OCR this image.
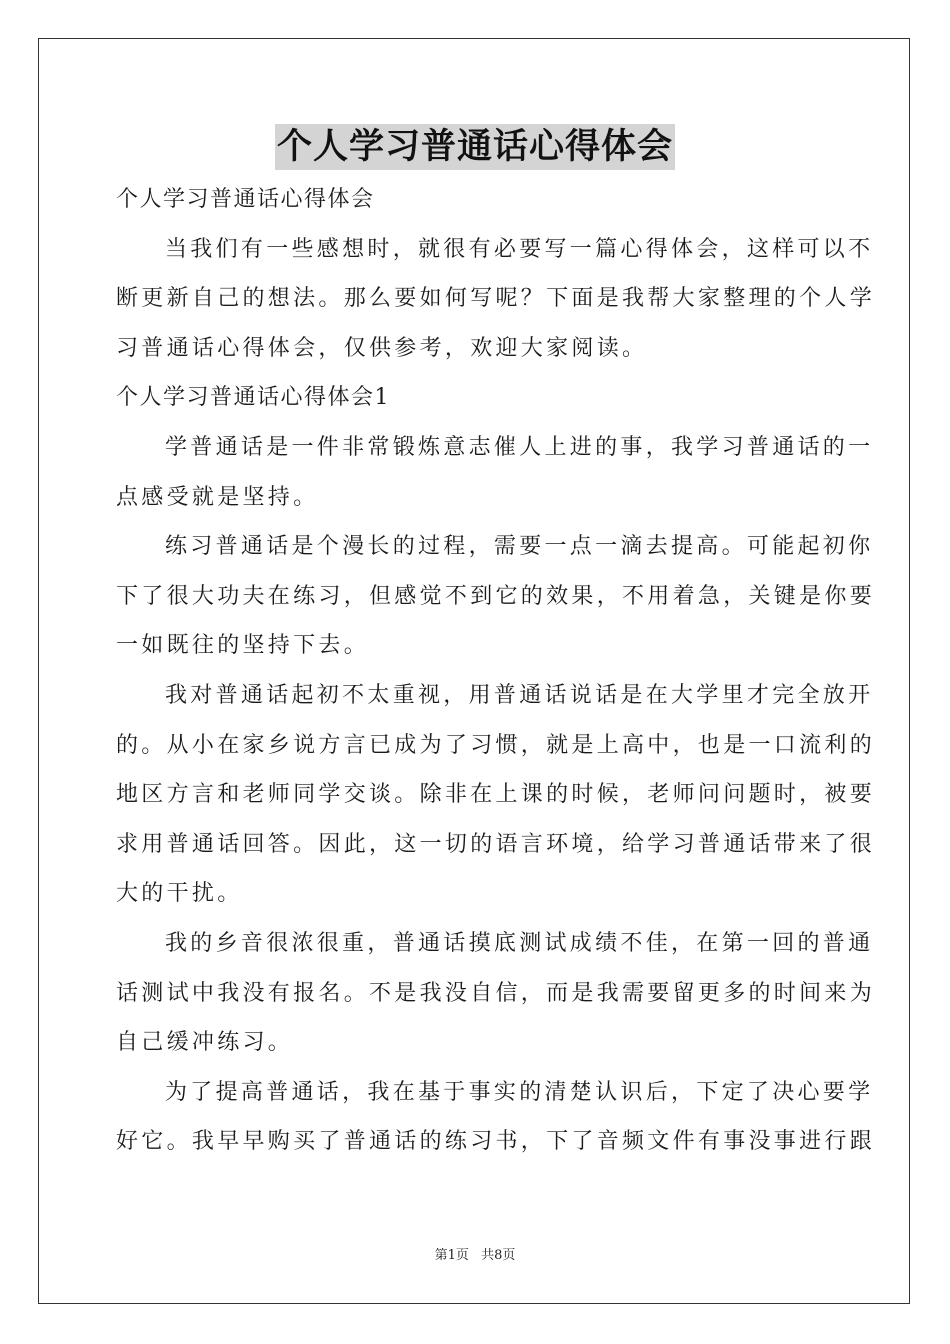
个人学习普通话心得体会
个人学习普通话心得体会
当我们有一些感想时，就很有必要写一篇心得体会，这样可以不
断更新自己的想法。那么要如何写呢？下面是我帮大家整理的个人学
习普通话心得体会，仅供参考，欢迎大家阅读。
个人学习普通话心得体会1
学普通话是一件非常锻炼意志催人上进的事，我学习普通话的一
点感受就是坚持。
练习普通话是个漫长的过程，需要一点一滴去提高。可能起初你
下了很大功夫在练习，但感觉不到它的效果，不用着急，关键是你要
一如既往的坚持下去。
我对普通话起初不太重视，用普通话说话是在大学里才完全放开
的。从小在家乡说方言已成为了习惯，就是上高中，也是一口流利的
地区方言和老师同学交谈。除非在上课的时候，老师问问题时，被要
求用普通话回答。因此，这一切的语言环境，给学习普通话带来了很
大的干扰。
我的乡音很浓很重，普通话摸底测试成绩不佳，在第一回的普通
话测试中我没有报名。不是我没自信，而是我需要留更多的时间来为
自己缓冲练习。
为了提高普通话，我在基于事实的清楚认识后，下定了决心要学
好它。我早早购买了普通话的练习书，下了音频文件有事没事进行跟
第1页 共8页
